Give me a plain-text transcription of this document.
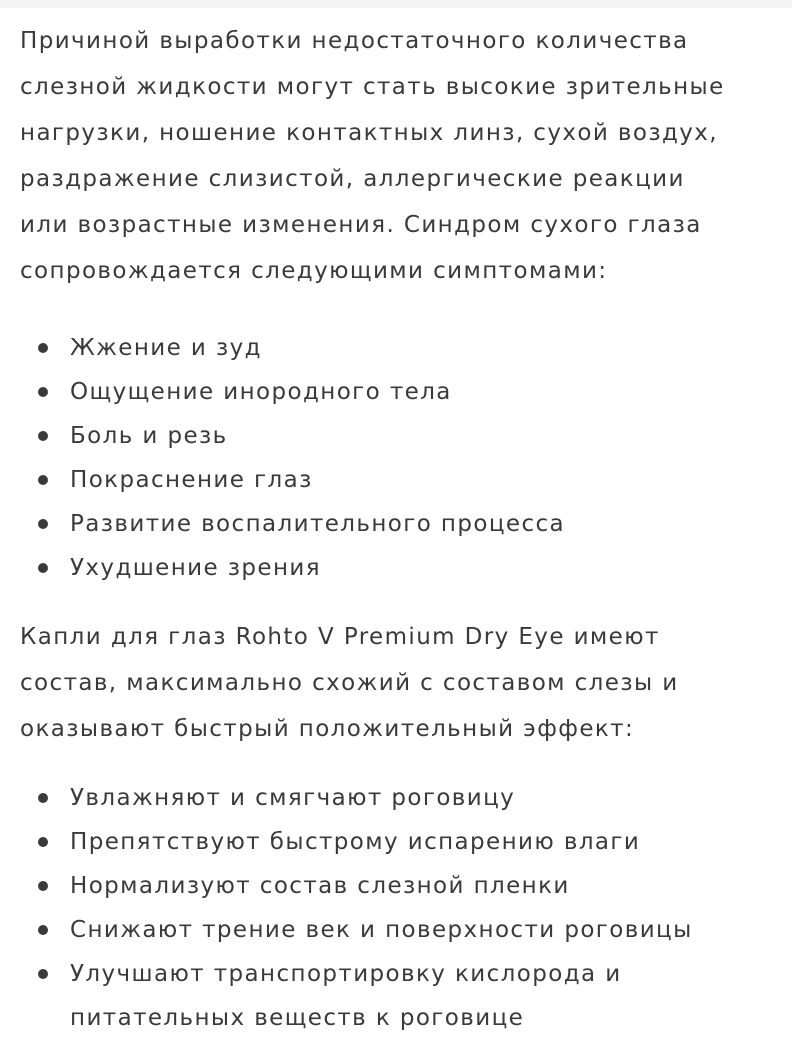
Причиной выработки недостаточного количества
слезной жидкости могут стать высокие зрительные
нагрузки, ношение контактных линз, сухой воздух,
раздражение слизистой, аллергические реакции
или возрастные изменения. Синдром сухого глаза
сопровождается следующими симптомами:

Жжение и зуд
Ощущение инородного тела
Боль и резь
Покраснение глаз
Развитие воспалительного процесса
Ухудшение зрения

Капли для глаз Rohto V Premium Dry Eye имеют
состав, максимально схожий с составом слезы и
оказывают быстрый положительный эффект:

Увлажняют и смягчают роговицу
Препятствуют быстрому испарению влаги
Нормализуют состав слезной пленки
Снижают трение век и поверхности роговицы
Улучшают транспортировку кислорода и
питательных веществ к роговице
